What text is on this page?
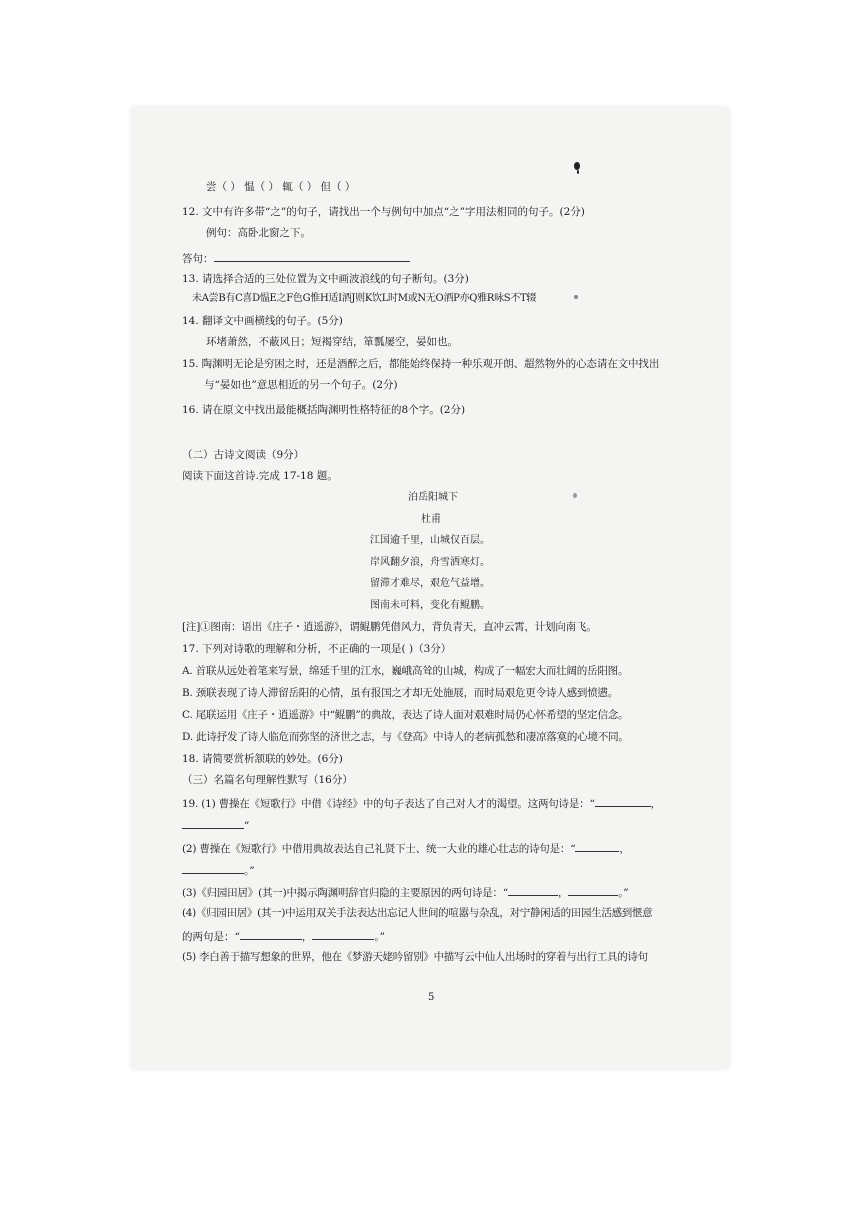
尝（ ） 愠（ ） 辄（ ） 但（ ）
12. 文中有许多带“之”的句子，请找出一个与例句中加点“之”字用法相同的句子。(2分)
例句：高卧北窗之下。
答句：
13. 请选择合适的三处位置为文中画波浪线的句子断句。(3分)
未A尝B有C喜D愠E之F色G惟H适I酒J则K饮L时M或N无O酒P亦Q雅R咏S不T辍
14. 翻译文中画横线的句子。(5分)
环堵萧然，不蔽风日；短褐穿结，箪瓢屡空，晏如也。
15. 陶渊明无论是穷困之时，还是酒醉之后，都能始终保持一种乐观开朗、超然物外的心态请在文中找出
与“晏如也”意思相近的另一个句子。(2分)
16. 请在原文中找出最能概括陶渊明性格特征的8个字。(2分)
（二）古诗文阅读（9分）
阅读下面这首诗.完成 17-18 题。
泊岳阳城下
杜甫
江国逾千里，山城仅百层。
岸风翻夕浪，舟雪洒寒灯。
留滞才难尽，艰危气益增。
图南未可料，变化有鲲鹏。
[注]①图南：语出《庄子・逍遥游》，谓鲲鹏凭借风力，背负青天，直冲云霄，计划向南飞。
17. 下列对诗歌的理解和分析，不正确的一项是( )（3分）
A. 首联从远处着笔来写景，绵延千里的江水，巍峨高耸的山城，构成了一幅宏大而壮阔的岳阳图。
B. 颈联表现了诗人滞留岳阳的心情，虽有报国之才却无处施展，而时局艰危更令诗人感到愤懑。
C. 尾联运用《庄子・逍遥游》中“鲲鹏”的典故，表达了诗人面对艰难时局仍心怀希望的坚定信念。
D. 此诗抒发了诗人临危而弥坚的济世之志，与《登高》中诗人的老病孤愁和凄凉落寞的心境不同。
18. 请简要赏析颔联的妙处。(6分)
（三）名篇名句理解性默写（16分）
19. (1) 曹操在《短歌行》中借《诗经》中的句子表达了自己对人才的渴望。这两句诗是：“	，
”
(2) 曹操在《短歌行》中借用典故表达自己礼贤下士、统一大业的雄心壮志的诗句是：“	，
。”
(3)《归园田居》(其一)中揭示陶渊明辞官归隐的主要原因的两句诗是：“	，	。”
(4)《归园田居》(其一)中运用双关手法表达出忘记人世间的喧嚣与杂乱，对宁静闲适的田园生活感到惬意
的两句是：“	，	。”
(5) 李白善于描写想象的世界，他在《梦游天姥吟留别》中描写云中仙人出场时的穿着与出行工具的诗句
5
